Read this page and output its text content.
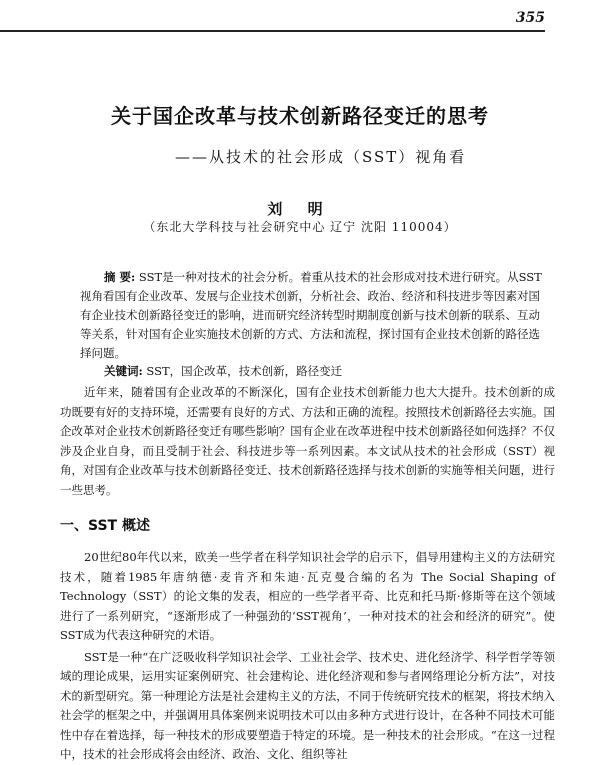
355
关于国企改革与技术创新路径变迁的思考
——从技术的社会形成（SST）视角看
刘 明
（东北大学科技与社会研究中心 辽宁 沈阳 110004）
摘 要: SST是一种对技术的社会分析。着重从技术的社会形成对技术进行研究。从SST视角看国有企业改革、发展与企业技术创新，分析社会、政治、经济和科技进步等因素对国有企业技术创新路径变迁的影响，进而研究经济转型时期制度创新与技术创新的联系、互动等关系，针对国有企业实施技术创新的方式、方法和流程，探讨国有企业技术创新的路径选择问题。
关键词: SST，国企改革，技术创新，路径变迁

近年来，随着国有企业改革的不断深化，国有企业技术创新能力也大大提升。技术创新的成功既要有好的支持环境，还需要有良好的方式、方法和正确的流程。按照技术创新路径去实施。国企改革对企业技术创新路径变迁有哪些影响？国有企业在改革进程中技术创新路径如何选择？不仅涉及企业自身，而且受制于社会、科技进步等一系列因素。本文试从技术的社会形成（SST）视角，对国有企业改革与技术创新路径变迁、技术创新路径选择与技术创新的实施等相关问题，进行一些思考。

一、SST 概述

20世纪80年代以来，欧美一些学者在科学知识社会学的启示下，倡导用建构主义的方法研究技术，随着1985年唐纳德·麦肯齐和朱迪·瓦克曼合编的名为 The Social Shaping of Technology（SST）的论文集的发表，相应的一些学者平奇、比克和托马斯·修斯等在这个领域进行了一系列研究，“逐渐形成了一种强劲的‘SST视角’，一种对技术的社会和经济的研究”。使SST成为代表这种研究的术语。

SST是一种“在广泛吸收科学知识社会学、工业社会学、技术史、进化经济学、科学哲学等领域的理论成果，运用实证案例研究、社会建构论、进化经济观和参与者网络理论分析方法”，对技术的新型研究。第一种理论方法是社会建构主义的方法，不同于传统研究技术的框架，将技术纳入社会学的框架之中，并强调用具体案例来说明技术可以由多种方式进行设计，在各种不同技术可能性中存在着选择，每一种技术的形成要塑造于特定的环境。是一种技术的社会形成。“在这一过程中，技术的社会形成将会由经济、政治、文化、组织等社
